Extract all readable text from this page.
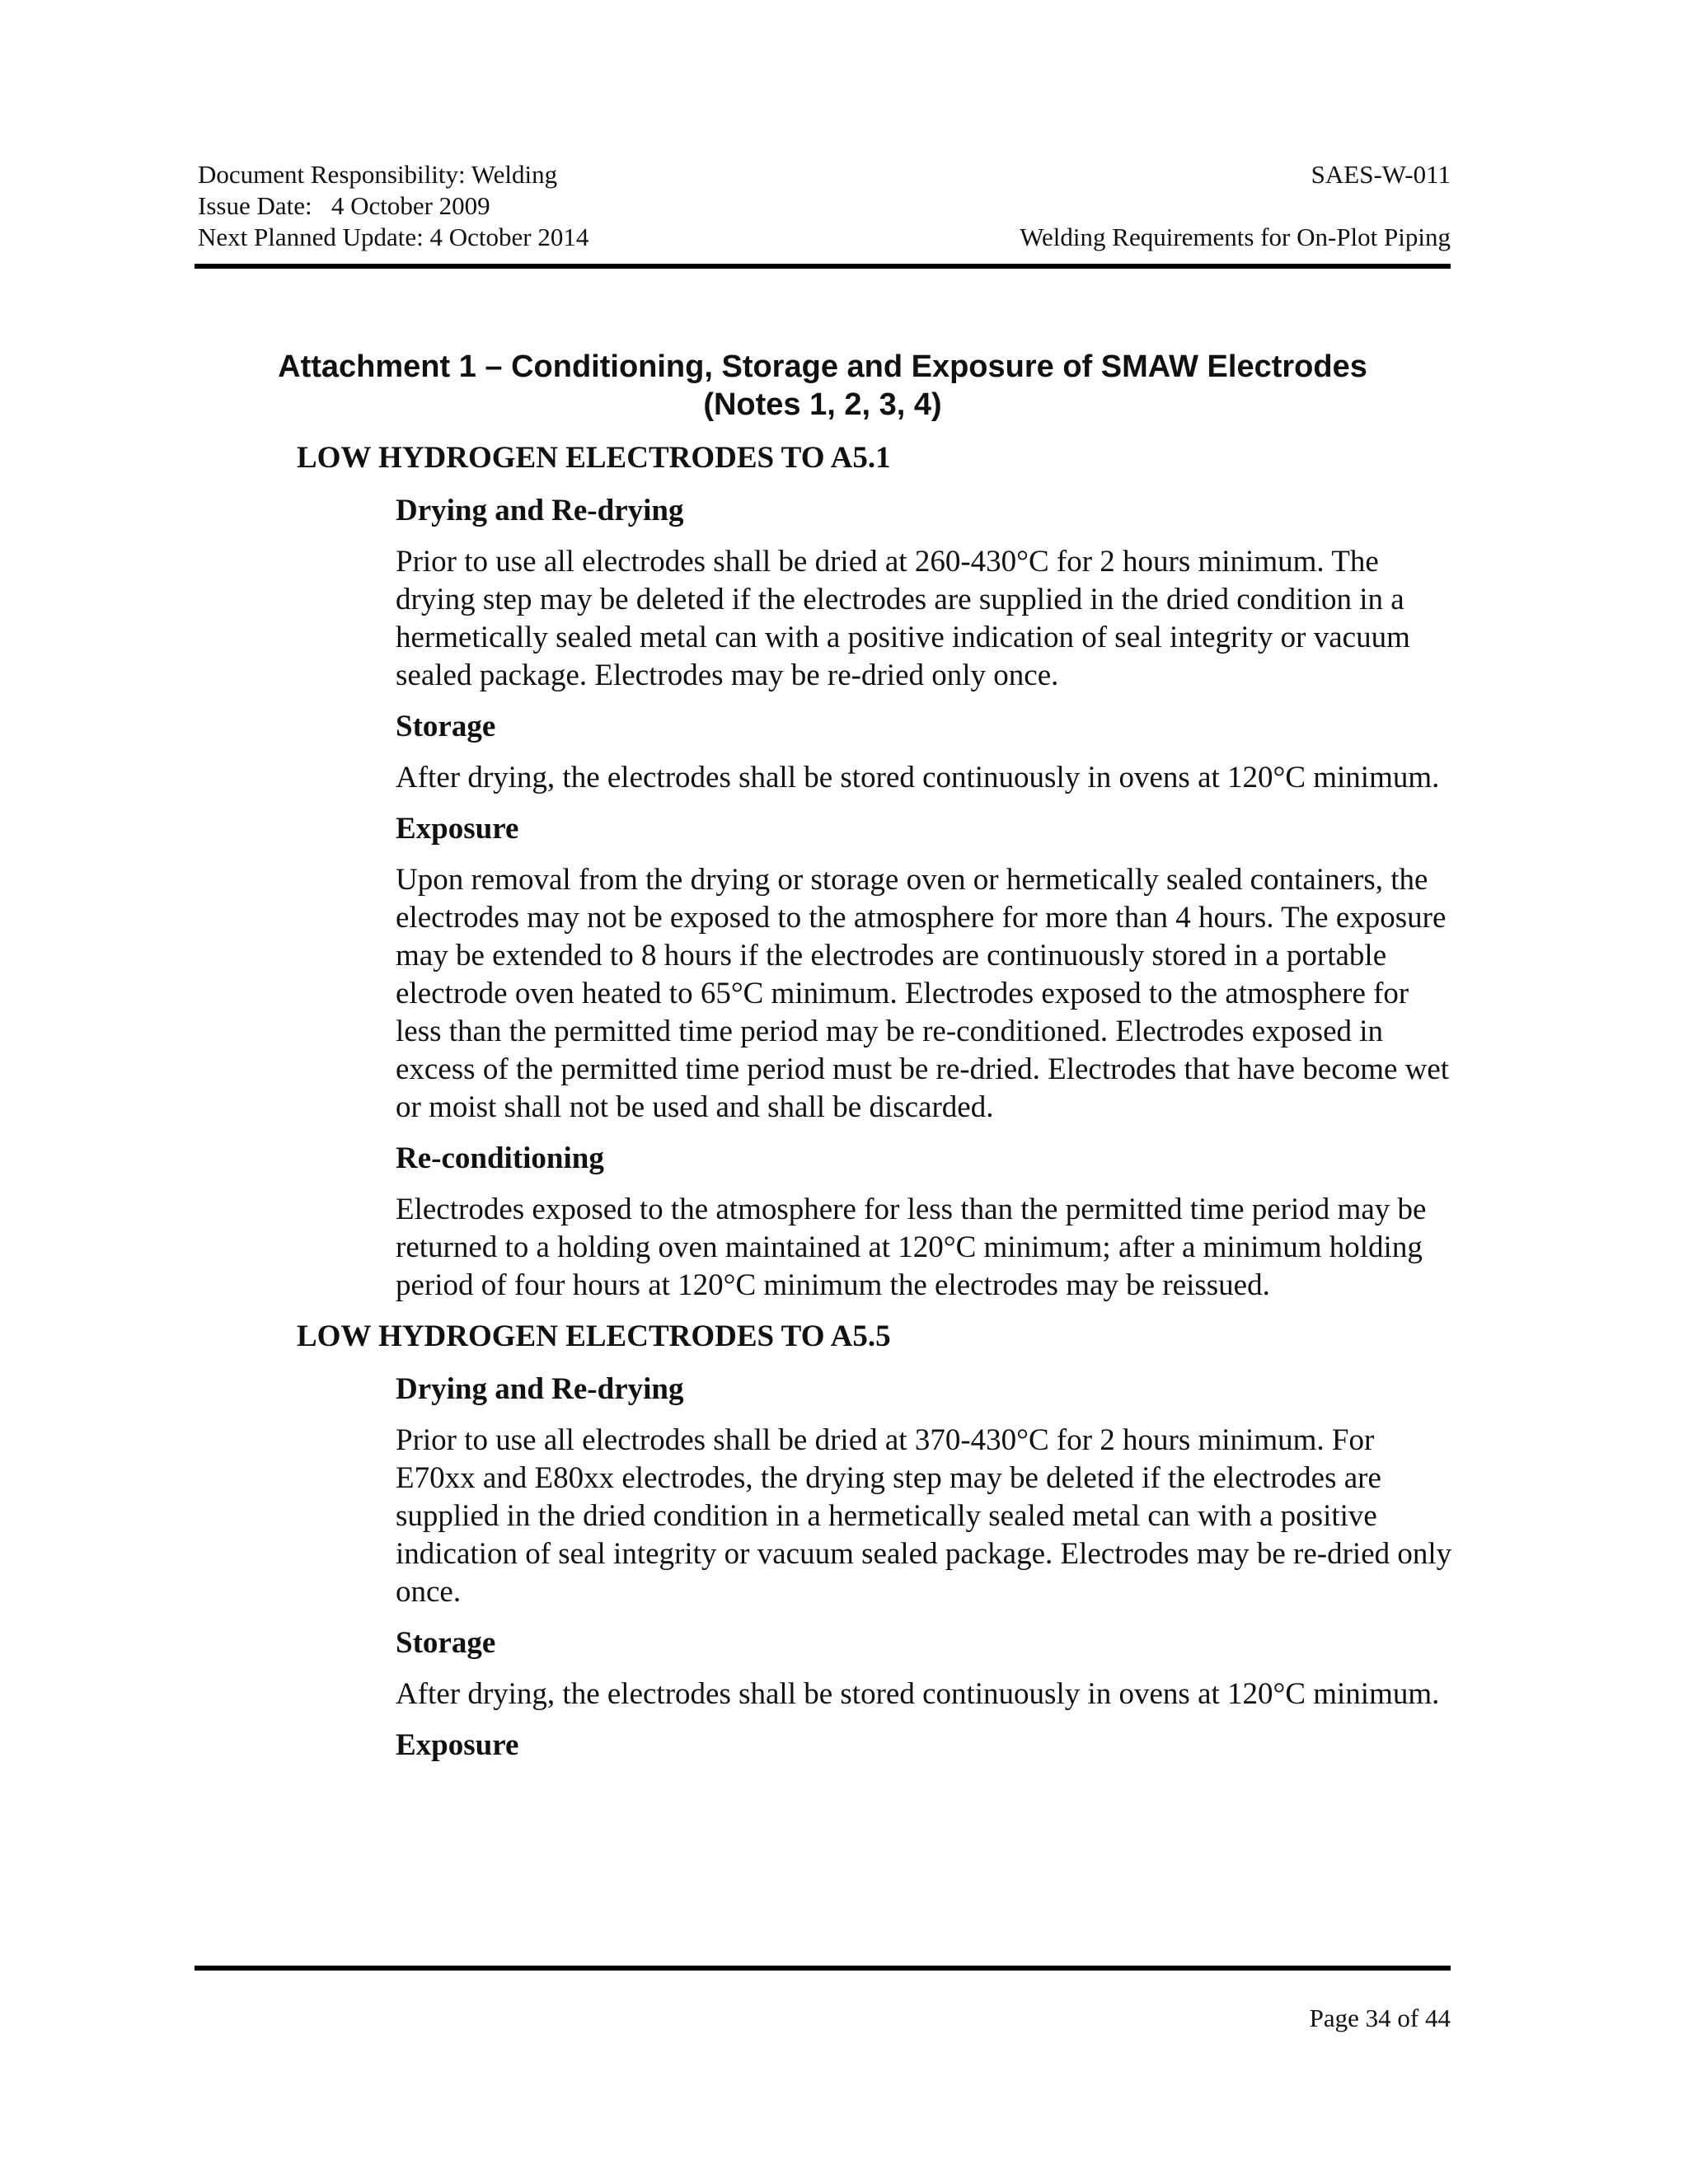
Document Responsibility: Welding
Issue Date:   4 October 2009
Next Planned Update: 4 October 2014
SAES-W-011
Welding Requirements for On-Plot Piping
Attachment 1 – Conditioning, Storage and Exposure of SMAW Electrodes
(Notes 1, 2, 3, 4)
LOW HYDROGEN ELECTRODES TO A5.1
Drying and Re-drying
Prior to use all electrodes shall be dried at 260-430°C for 2 hours minimum. The drying step may be deleted if the electrodes are supplied in the dried condition in a hermetically sealed metal can with a positive indication of seal integrity or vacuum sealed package. Electrodes may be re-dried only once.
Storage
After drying, the electrodes shall be stored continuously in ovens at 120°C minimum.
Exposure
Upon removal from the drying or storage oven or hermetically sealed containers, the electrodes may not be exposed to the atmosphere for more than 4 hours. The exposure may be extended to 8 hours if the electrodes are continuously stored in a portable electrode oven heated to 65°C minimum. Electrodes exposed to the atmosphere for less than the permitted time period may be re-conditioned. Electrodes exposed in excess of the permitted time period must be re-dried. Electrodes that have become wet or moist shall not be used and shall be discarded.
Re-conditioning
Electrodes exposed to the atmosphere for less than the permitted time period may be returned to a holding oven maintained at 120°C minimum; after a minimum holding period of four hours at 120°C minimum the electrodes may be reissued.
LOW HYDROGEN ELECTRODES TO A5.5
Drying and Re-drying
Prior to use all electrodes shall be dried at 370-430°C for 2 hours minimum. For E70xx and E80xx electrodes, the drying step may be deleted if the electrodes are supplied in the dried condition in a hermetically sealed metal can with a positive indication of seal integrity or vacuum sealed package. Electrodes may be re-dried only once.
Storage
After drying, the electrodes shall be stored continuously in ovens at 120°C minimum.
Exposure
Page 34 of 44
